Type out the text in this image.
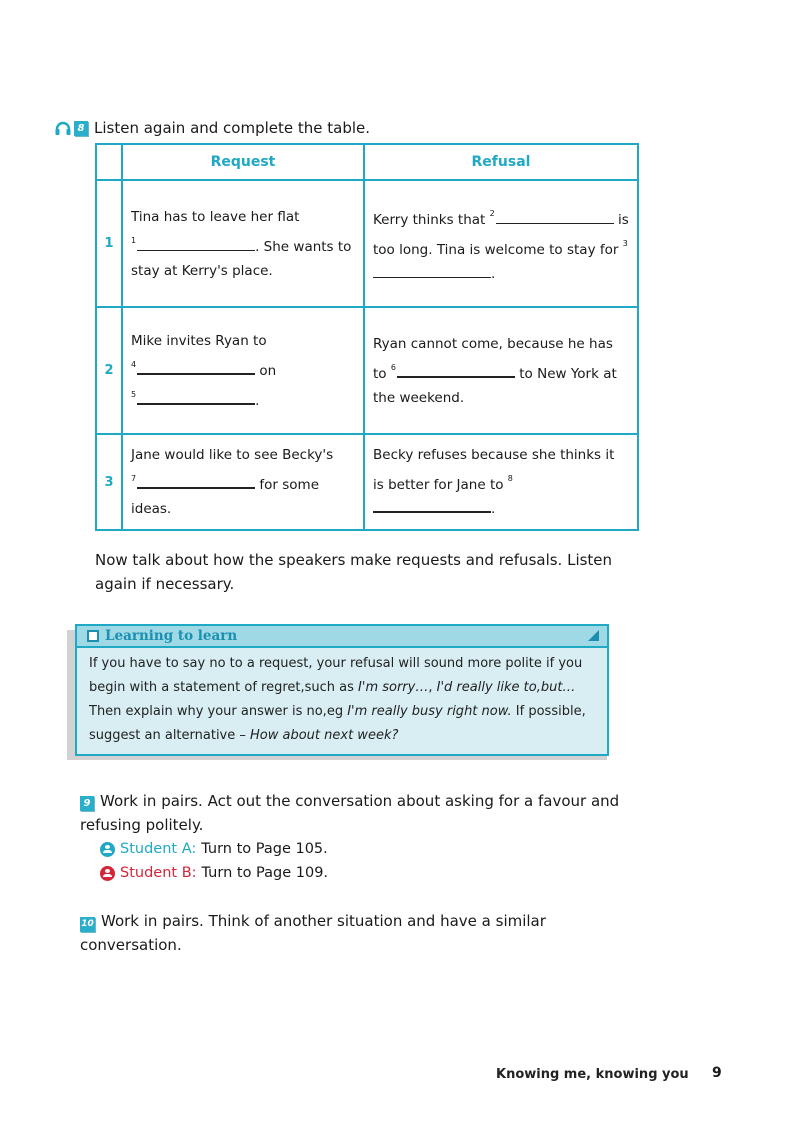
8 Listen again and complete the table.
	Request	Refusal
1	Tina has to leave her flat
$^1$ . She wants to stay at Kerry's place.	Kerry thinks that $^2$ is too long. Tina is welcome to stay for $^3$.
2	Mike invites Ryan to
$^4$ on
$^5$ .	Ryan cannot come, because he has to $^6$ to New York at the weekend.
3	Jane would like to see Becky's
$^7$ for some ideas.	Becky refuses because she thinks it is better for Jane to $^8$.
Now talk about how the speakers make requests and refusals. Listen again if necessary.
Learning to learn
If you have to say no to a request, your refusal will sound more polite if you begin with a statement of regret,such as I'm sorry…, I'd really like to,but… Then explain why your answer is no,eg I'm really busy right now. If possible, suggest an alternative – How about next week?
9 Work in pairs. Act out the conversation about asking for a favour and refusing politely.
Student A: Turn to Page 105.
Student B: Turn to Page 109.
10 Work in pairs. Think of another situation and have a similar conversation.
Knowing me, knowing you 9
